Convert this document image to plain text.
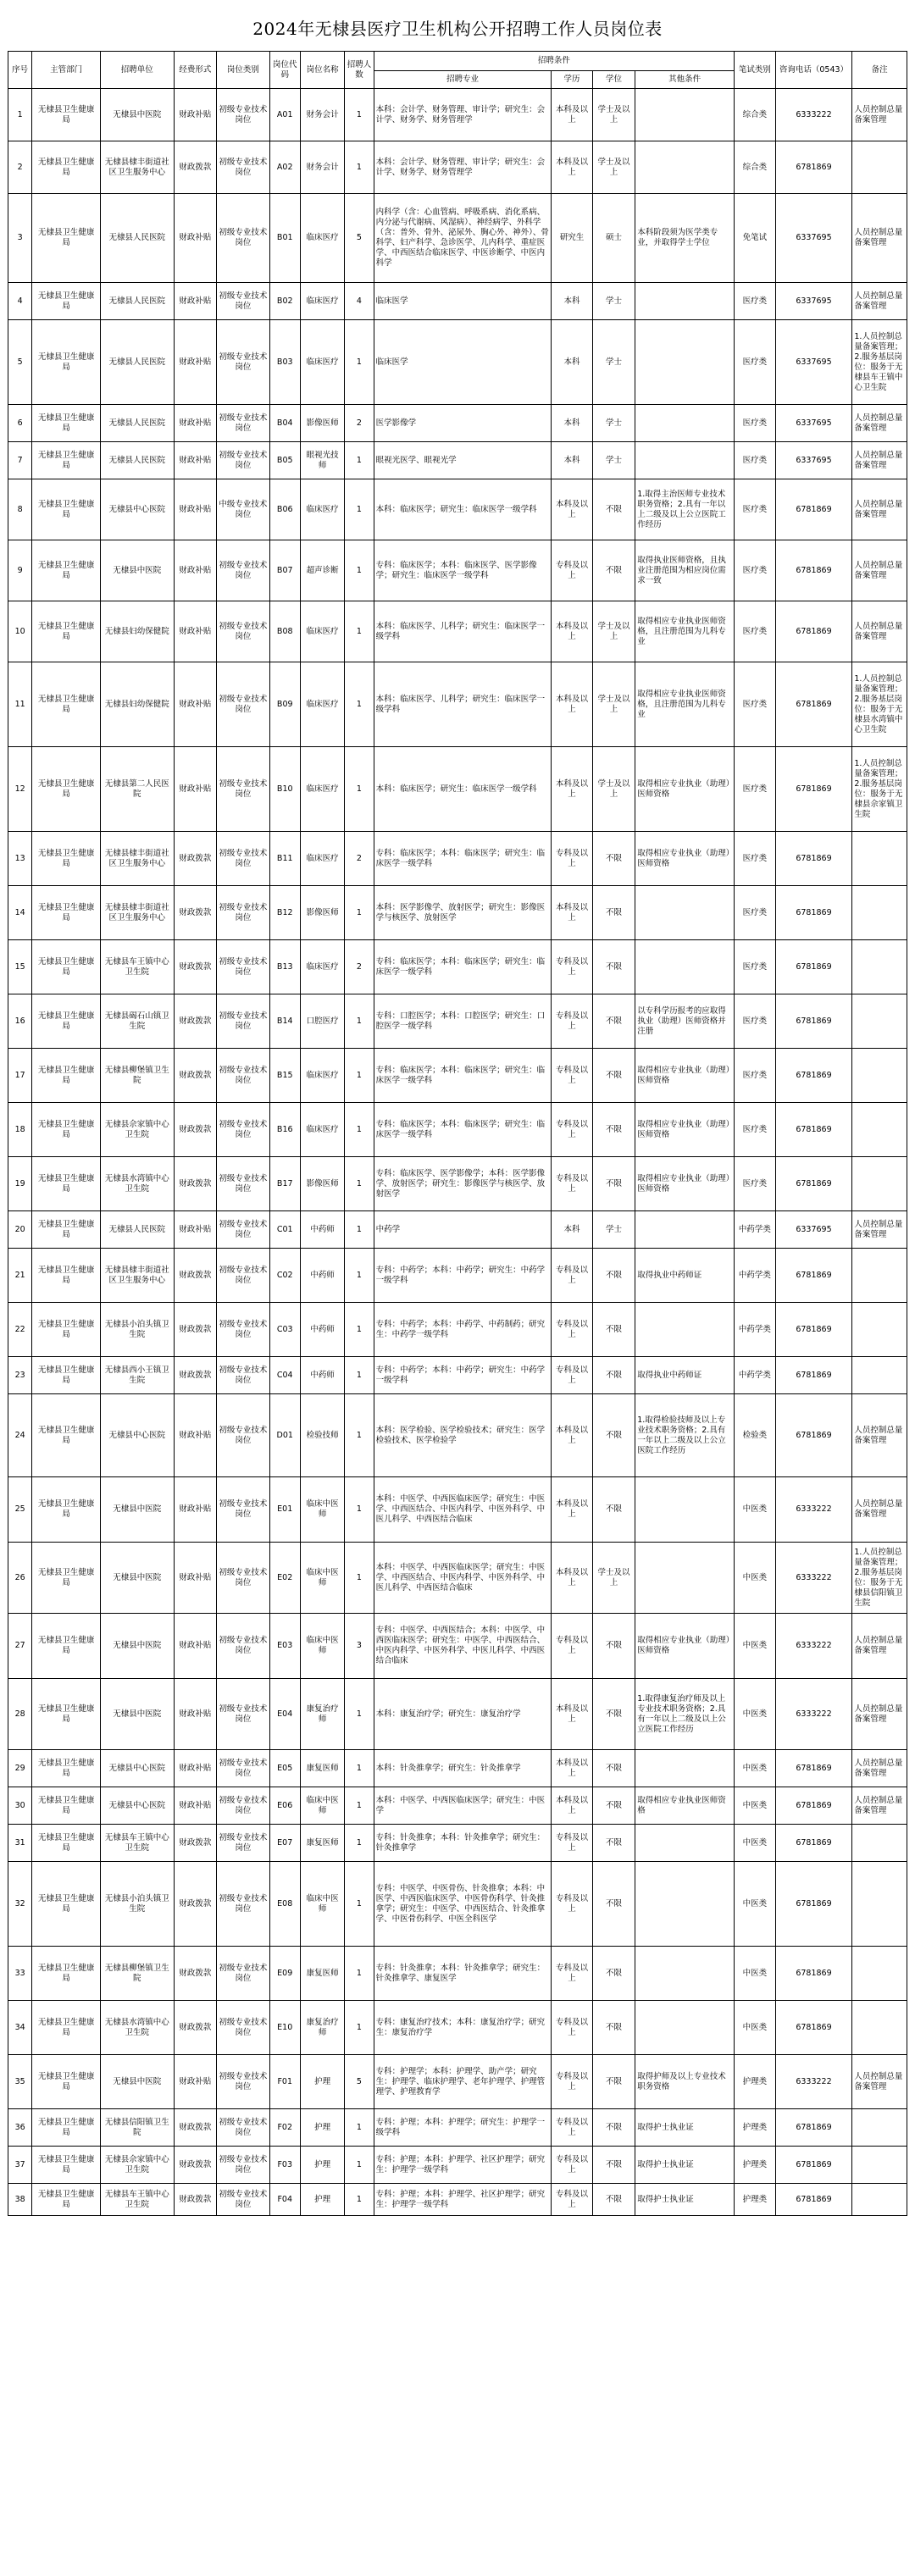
2024年无棣县医疗卫生机构公开招聘工作人员岗位表
序号	主管部门	招聘单位	经费形式	岗位类别	岗位代码	岗位名称	招聘人数	招聘条件				笔试类别	咨询电话（0543）	备注
								招聘专业	学历	学位	其他条件			
1	无棣县卫生健康局	无棣县中医院	财政补贴	初级专业技术岗位	A01	财务会计	1	本科：会计学、财务管理、审计学；研究生：会计学、财务学、财务管理学	本科及以上	学士及以上		综合类	6333222	人员控制总量备案管理
2	无棣县卫生健康局	无棣县棣丰街道社区卫生服务中心	财政拨款	初级专业技术岗位	A02	财务会计	1	本科：会计学、财务管理、审计学；研究生：会计学、财务学、财务管理学	本科及以上	学士及以上		综合类	6781869	
3	无棣县卫生健康局	无棣县人民医院	财政补贴	初级专业技术岗位	B01	临床医疗	5	内科学（含：心血管病、呼吸系病、消化系病、内分泌与代谢病、风湿病）、神经病学、外科学（含：普外、骨外、泌尿外、胸心外、神外）、骨科学、妇产科学、急诊医学、儿内科学、重症医学、中西医结合临床医学、中医诊断学、中医内科学	研究生	硕士	本科阶段须为医学类专业，并取得学士学位	免笔试	6337695	人员控制总量备案管理
4	无棣县卫生健康局	无棣县人民医院	财政补贴	初级专业技术岗位	B02	临床医疗	4	临床医学	本科	学士		医疗类	6337695	人员控制总量备案管理
5	无棣县卫生健康局	无棣县人民医院	财政补贴	初级专业技术岗位	B03	临床医疗	1	临床医学	本科	学士		医疗类	6337695	1.人员控制总量备案管理；2.服务基层岗位：服务于无棣县车王镇中心卫生院
6	无棣县卫生健康局	无棣县人民医院	财政补贴	初级专业技术岗位	B04	影像医师	2	医学影像学	本科	学士		医疗类	6337695	人员控制总量备案管理
7	无棣县卫生健康局	无棣县人民医院	财政补贴	初级专业技术岗位	B05	眼视光技师	1	眼视光医学、眼视光学	本科	学士		医疗类	6337695	人员控制总量备案管理
8	无棣县卫生健康局	无棣县中心医院	财政补贴	中级专业技术岗位	B06	临床医疗	1	本科：临床医学；研究生：临床医学一级学科	本科及以上	不限	1.取得主治医师专业技术职务资格；2.具有一年以上二级及以上公立医院工作经历	医疗类	6781869	人员控制总量备案管理
9	无棣县卫生健康局	无棣县中医院	财政补贴	初级专业技术岗位	B07	超声诊断	1	专科：临床医学；本科：临床医学、医学影像学；研究生：临床医学一级学科	专科及以上	不限	取得执业医师资格，且执业注册范围为相应岗位需求一致	医疗类	6781869	人员控制总量备案管理
10	无棣县卫生健康局	无棣县妇幼保健院	财政补贴	初级专业技术岗位	B08	临床医疗	1	本科：临床医学、儿科学；研究生：临床医学一级学科	本科及以上	学士及以上	取得相应专业执业医师资格，且注册范围为儿科专业	医疗类	6781869	人员控制总量备案管理
11	无棣县卫生健康局	无棣县妇幼保健院	财政补贴	初级专业技术岗位	B09	临床医疗	1	本科：临床医学、儿科学；研究生：临床医学一级学科	本科及以上	学士及以上	取得相应专业执业医师资格，且注册范围为儿科专业	医疗类	6781869	1.人员控制总量备案管理；2.服务基层岗位：服务于无棣县水湾镇中心卫生院
12	无棣县卫生健康局	无棣县第二人民医院	财政补贴	初级专业技术岗位	B10	临床医疗	1	本科：临床医学；研究生：临床医学一级学科	本科及以上	学士及以上	取得相应专业执业（助理）医师资格	医疗类	6781869	1.人员控制总量备案管理；2.服务基层岗位：服务于无棣县佘家镇卫生院
13	无棣县卫生健康局	无棣县棣丰街道社区卫生服务中心	财政拨款	初级专业技术岗位	B11	临床医疗	2	专科：临床医学；本科：临床医学；研究生：临床医学一级学科	专科及以上	不限	取得相应专业执业（助理）医师资格	医疗类	6781869	
14	无棣县卫生健康局	无棣县棣丰街道社区卫生服务中心	财政拨款	初级专业技术岗位	B12	影像医师	1	本科：医学影像学、放射医学；研究生：影像医学与核医学、放射医学	本科及以上	不限		医疗类	6781869	
15	无棣县卫生健康局	无棣县车王镇中心卫生院	财政拨款	初级专业技术岗位	B13	临床医疗	2	专科：临床医学；本科：临床医学；研究生：临床医学一级学科	专科及以上	不限		医疗类	6781869	
16	无棣县卫生健康局	无棣县碣石山镇卫生院	财政拨款	初级专业技术岗位	B14	口腔医疗	1	专科：口腔医学；本科：口腔医学；研究生：口腔医学一级学科	专科及以上	不限	以专科学历报考的应取得执业（助理）医师资格并注册	医疗类	6781869	
17	无棣县卫生健康局	无棣县柳堡镇卫生院	财政拨款	初级专业技术岗位	B15	临床医疗	1	专科：临床医学；本科：临床医学；研究生：临床医学一级学科	专科及以上	不限	取得相应专业执业（助理）医师资格	医疗类	6781869	
18	无棣县卫生健康局	无棣县佘家镇中心卫生院	财政拨款	初级专业技术岗位	B16	临床医疗	1	专科：临床医学；本科：临床医学；研究生：临床医学一级学科	专科及以上	不限	取得相应专业执业（助理）医师资格	医疗类	6781869	
19	无棣县卫生健康局	无棣县水湾镇中心卫生院	财政拨款	初级专业技术岗位	B17	影像医师	1	专科：临床医学、医学影像学；本科：医学影像学、放射医学；研究生：影像医学与核医学、放射医学	专科及以上	不限	取得相应专业执业（助理）医师资格	医疗类	6781869	
20	无棣县卫生健康局	无棣县人民医院	财政补贴	初级专业技术岗位	C01	中药师	1	中药学	本科	学士		中药学类	6337695	人员控制总量备案管理
21	无棣县卫生健康局	无棣县棣丰街道社区卫生服务中心	财政拨款	初级专业技术岗位	C02	中药师	1	专科：中药学；本科：中药学；研究生：中药学一级学科	专科及以上	不限	取得执业中药师证	中药学类	6781869	
22	无棣县卫生健康局	无棣县小泊头镇卫生院	财政拨款	初级专业技术岗位	C03	中药师	1	专科：中药学；本科：中药学、中药制药；研究生：中药学一级学科	专科及以上	不限		中药学类	6781869	
23	无棣县卫生健康局	无棣县西小王镇卫生院	财政拨款	初级专业技术岗位	C04	中药师	1	专科：中药学；本科：中药学；研究生：中药学一级学科	专科及以上	不限	取得执业中药师证	中药学类	6781869	
24	无棣县卫生健康局	无棣县中心医院	财政补贴	初级专业技术岗位	D01	检验技师	1	本科：医学检验、医学检验技术；研究生：医学检验技术、医学检验学	本科及以上	不限	1.取得检验技师及以上专业技术职务资格；2.具有一年以上二级及以上公立医院工作经历	检验类	6781869	人员控制总量备案管理
25	无棣县卫生健康局	无棣县中医院	财政补贴	初级专业技术岗位	E01	临床中医师	1	本科：中医学、中西医临床医学；研究生：中医学、中西医结合、中医内科学、中医外科学、中医儿科学、中西医结合临床	本科及以上	不限		中医类	6333222	人员控制总量备案管理
26	无棣县卫生健康局	无棣县中医院	财政补贴	初级专业技术岗位	E02	临床中医师	1	本科：中医学、中西医临床医学；研究生：中医学、中西医结合、中医内科学、中医外科学、中医儿科学、中西医结合临床	本科及以上	学士及以上		中医类	6333222	1.人员控制总量备案管理；2.服务基层岗位：服务于无棣县信阳镇卫生院
27	无棣县卫生健康局	无棣县中医院	财政补贴	初级专业技术岗位	E03	临床中医师	3	专科：中医学、中西医结合；本科：中医学、中西医临床医学；研究生：中医学、中西医结合、中医内科学、中医外科学、中医儿科学、中西医结合临床	专科及以上	不限	取得相应专业执业（助理）医师资格	中医类	6333222	人员控制总量备案管理
28	无棣县卫生健康局	无棣县中医院	财政补贴	初级专业技术岗位	E04	康复治疗师	1	本科：康复治疗学；研究生：康复治疗学	本科及以上	不限	1.取得康复治疗师及以上专业技术职务资格；2.具有一年以上二级及以上公立医院工作经历	中医类	6333222	人员控制总量备案管理
29	无棣县卫生健康局	无棣县中心医院	财政补贴	初级专业技术岗位	E05	康复医师	1	本科：针灸推拿学；研究生：针灸推拿学	本科及以上	不限		中医类	6781869	人员控制总量备案管理
30	无棣县卫生健康局	无棣县中心医院	财政补贴	初级专业技术岗位	E06	临床中医师	1	本科：中医学、中西医临床医学；研究生：中医学	本科及以上	不限	取得相应专业执业医师资格	中医类	6781869	人员控制总量备案管理
31	无棣县卫生健康局	无棣县车王镇中心卫生院	财政拨款	初级专业技术岗位	E07	康复医师	1	专科：针灸推拿；本科：针灸推拿学；研究生：针灸推拿学	专科及以上	不限		中医类	6781869	
32	无棣县卫生健康局	无棣县小泊头镇卫生院	财政拨款	初级专业技术岗位	E08	临床中医师	1	专科：中医学、中医骨伤、针灸推拿；本科：中医学、中西医临床医学、中医骨伤科学、针灸推拿学；研究生：中医学、中西医结合、针灸推拿学、中医骨伤科学、中医全科医学	专科及以上	不限		中医类	6781869	
33	无棣县卫生健康局	无棣县柳堡镇卫生院	财政拨款	初级专业技术岗位	E09	康复医师	1	专科：针灸推拿；本科：针灸推拿学；研究生：针灸推拿学、康复医学	专科及以上	不限		中医类	6781869	
34	无棣县卫生健康局	无棣县水湾镇中心卫生院	财政拨款	初级专业技术岗位	E10	康复治疗师	1	专科：康复治疗技术；本科：康复治疗学；研究生：康复治疗学	专科及以上	不限		中医类	6781869	
35	无棣县卫生健康局	无棣县中医院	财政补贴	初级专业技术岗位	F01	护理	5	专科：护理学；本科：护理学、助产学；研究生：护理学、临床护理学、老年护理学、护理管理学、护理教育学	专科及以上	不限	取得护师及以上专业技术职务资格	护理类	6333222	人员控制总量备案管理
36	无棣县卫生健康局	无棣县信阳镇卫生院	财政拨款	初级专业技术岗位	F02	护理	1	专科：护理；本科：护理学；研究生：护理学一级学科	专科及以上	不限	取得护士执业证	护理类	6781869	
37	无棣县卫生健康局	无棣县佘家镇中心卫生院	财政拨款	初级专业技术岗位	F03	护理	1	专科：护理；本科：护理学、社区护理学；研究生：护理学一级学科	专科及以上	不限	取得护士执业证	护理类	6781869	
38	无棣县卫生健康局	无棣县车王镇中心卫生院	财政拨款	初级专业技术岗位	F04	护理	1	专科：护理；本科：护理学、社区护理学；研究生：护理学一级学科	专科及以上	不限	取得护士执业证	护理类	6781869	
